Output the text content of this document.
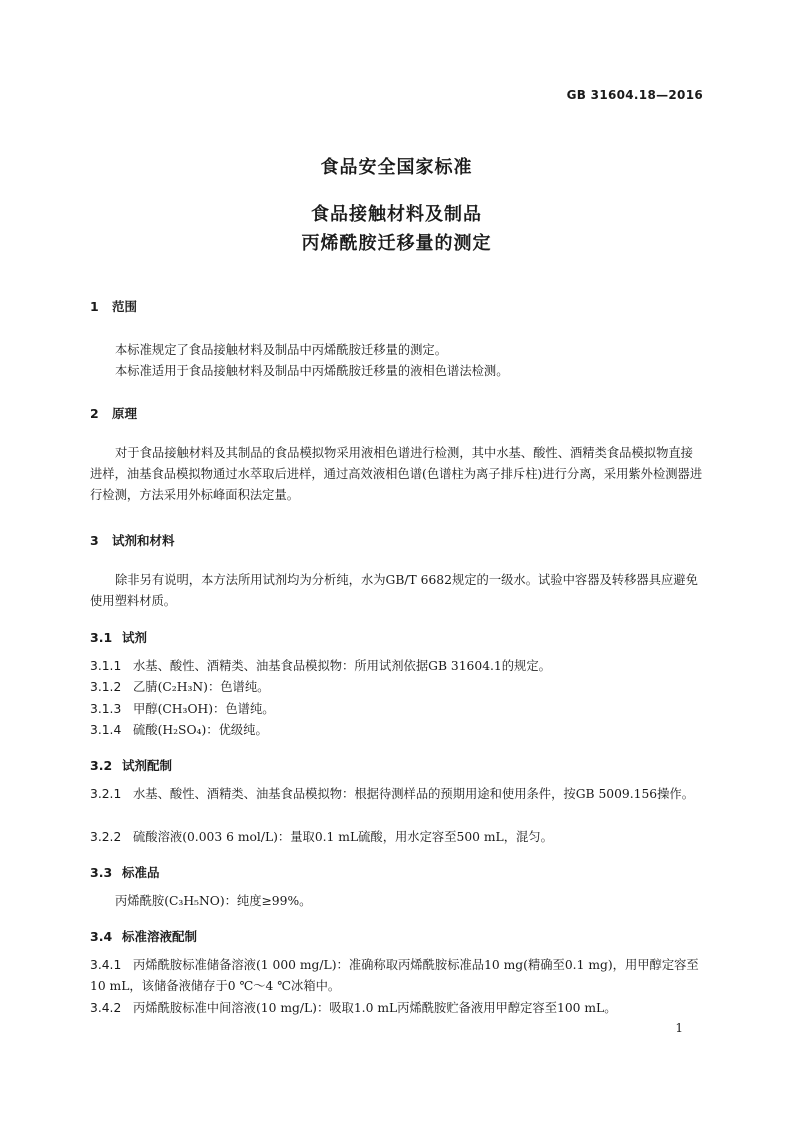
GB 31604.18—2016
食品安全国家标准
食品接触材料及制品
丙烯酰胺迁移量的测定
1 范围
本标准规定了食品接触材料及制品中丙烯酰胺迁移量的测定。
本标准适用于食品接触材料及制品中丙烯酰胺迁移量的液相色谱法检测。
2 原理
对于食品接触材料及其制品的食品模拟物采用液相色谱进行检测，其中水基、酸性、酒精类食品模拟物直接进样，油基食品模拟物通过水萃取后进样，通过高效液相色谱(色谱柱为离子排斥柱)进行分离，采用紫外检测器进行检测，方法采用外标峰面积法定量。
3 试剂和材料
除非另有说明，本方法所用试剂均为分析纯，水为GB/T 6682规定的一级水。试验中容器及转移器具应避免使用塑料材质。
3.1 试剂
3.1.1 水基、酸性、酒精类、油基食品模拟物：所用试剂依据GB 31604.1的规定。
3.1.2 乙腈(C₂H₃N)：色谱纯。
3.1.3 甲醇(CH₃OH)：色谱纯。
3.1.4 硫酸(H₂SO₄)：优级纯。
3.2 试剂配制
3.2.1 水基、酸性、酒精类、油基食品模拟物：根据待测样品的预期用途和使用条件，按GB 5009.156操作。
3.2.2 硫酸溶液(0.003 6 mol/L)：量取0.1 mL硫酸，用水定容至500 mL，混匀。
3.3 标准品
丙烯酰胺(C₃H₅NO)：纯度≥99%。
3.4 标准溶液配制
3.4.1 丙烯酰胺标准储备溶液(1 000 mg/L)：准确称取丙烯酰胺标准品10 mg(精确至0.1 mg)，用甲醇定容至10 mL，该储备液储存于0 ℃～4 ℃冰箱中。
3.4.2 丙烯酰胺标准中间溶液(10 mg/L)：吸取1.0 mL丙烯酰胺贮备液用甲醇定容至100 mL。
1
